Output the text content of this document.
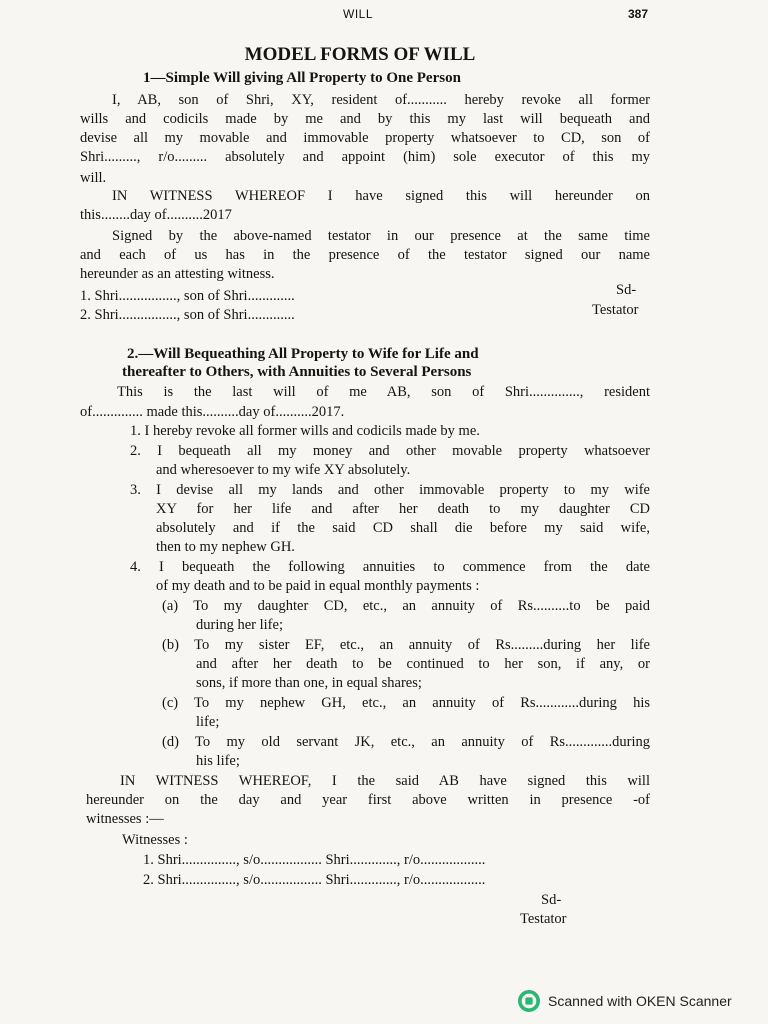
WILL	387
MODEL FORMS OF WILL
1—Simple Will giving All Property to One Person
I, AB, son of Shri, XY, resident of........... hereby revoke all former
wills and codicils made by me and by this my last will bequeath and
devise all my movable and immovable property whatsoever to CD, son of
Shri........., r/o......... absolutely and appoint (him) sole executor of this my
will.
IN WITNESS WHEREOF I have signed this will hereunder on
this........day of..........2017
Signed by the above-named testator in our presence at the same time
and each of us has in the presence of the testator signed our name
hereunder as an attesting witness.
1. Shri................, son of Shri.............
2. Shri................, son of Shri.............
Sd-
Testator
2.—Will Bequeathing All Property to Wife for Life and
thereafter to Others, with Annuities to Several Persons
This is the last will of me AB, son of Shri.............., resident
of.............. made this..........day of..........2017.
1. I hereby revoke all former wills and codicils made by me.
2. I bequeath all my money and other movable property whatsoever
and wheresoever to my wife XY absolutely.
3. I devise all my lands and other immovable property to my wife
XY for her life and after her death to my daughter CD
absolutely and if the said CD shall die before my said wife,
then to my nephew GH.
4. I bequeath the following annuities to commence from the date
of my death and to be paid in equal monthly payments :
(a) To my daughter CD, etc., an annuity of Rs..........to be paid
during her life;
(b) To my sister EF, etc., an annuity of Rs.........during her life
and after her death to be continued to her son, if any, or
sons, if more than one, in equal shares;
(c) To my nephew GH, etc., an annuity of Rs............during his
life;
(d) To my old servant JK, etc., an annuity of Rs.............during
his life;
IN WITNESS WHEREOF, I the said AB have signed this will
hereunder on the day and year first above written in presence -of
witnesses :—
Witnesses :
1. Shri..............., s/o................. Shri............., r/o..................
2. Shri..............., s/o................. Shri............., r/o..................
Sd-
Testator
Scanned with OKEN Scanner
